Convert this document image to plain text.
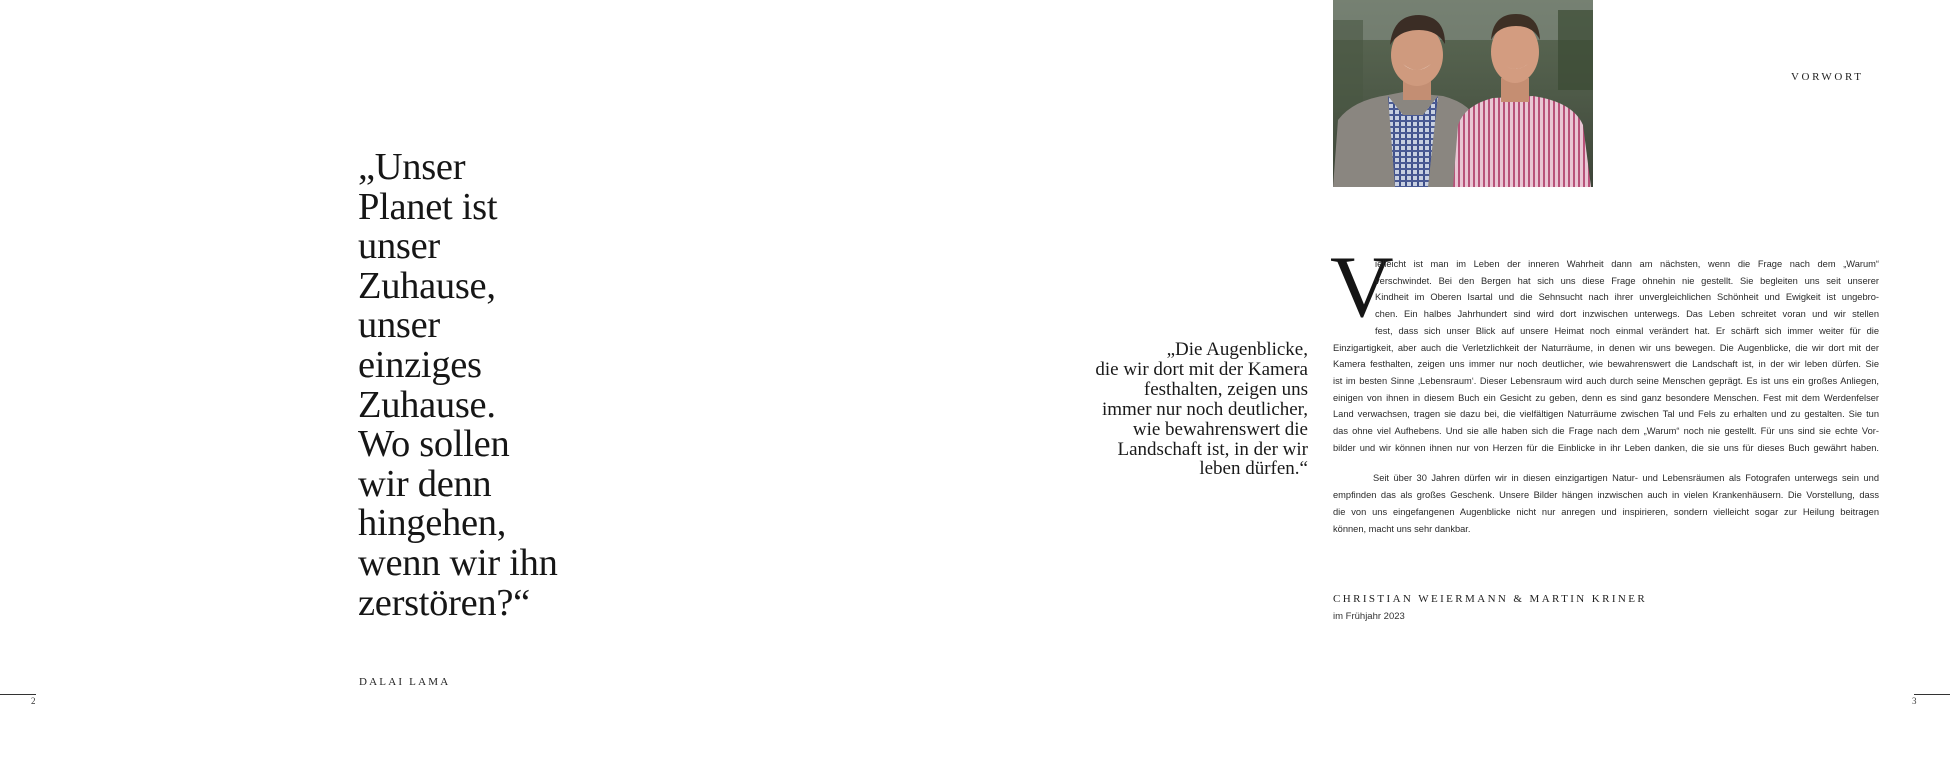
„Unser
Planet ist
unser
Zuhause,
unser
einziges
Zuhause.
Wo sollen
wir denn
hingehen,
wenn wir ihn
zerstören?“
DALAI LAMA
2
„Die Augenblicke,
die wir dort mit der Kamera
festhalten, zeigen uns
immer nur noch deutlicher,
wie bewahrenswert die
Landschaft ist, in der wir
leben dürfen.“
VORWORT
V
ielleicht ist man im Leben der inneren Wahrheit dann am nächsten, wenn die Frage nach dem „Warum“
verschwindet. Bei den Bergen hat sich uns diese Frage ohnehin nie gestellt. Sie begleiten uns seit unserer
Kindheit im Oberen Isartal und die Sehnsucht nach ihrer unvergleichlichen Schönheit und Ewigkeit ist ungebro-
chen. Ein halbes Jahrhundert sind wird dort inzwischen unterwegs. Das Leben schreitet voran und wir stellen
fest, dass sich unser Blick auf unsere Heimat noch einmal verändert hat. Er schärft sich immer weiter für die
Einzigartigkeit, aber auch die Verletzlichkeit der Naturräume, in denen wir uns bewegen. Die Augenblicke, die wir dort mit der
Kamera festhalten, zeigen uns immer nur noch deutlicher, wie bewahrenswert die Landschaft ist, in der wir leben dürfen. Sie
ist im besten Sinne ‚Lebensraum‘. Dieser Lebensraum wird auch durch seine Menschen geprägt. Es ist uns ein großes Anliegen,
einigen von ihnen in diesem Buch ein Gesicht zu geben, denn es sind ganz besondere Menschen. Fest mit dem Werdenfelser
Land verwachsen, tragen sie dazu bei, die vielfältigen Naturräume zwischen Tal und Fels zu erhalten und zu gestalten. Sie tun
das ohne viel Aufhebens. Und sie alle haben sich die Frage nach dem „Warum“ noch nie gestellt. Für uns sind sie echte Vor-
bilder und wir können ihnen nur von Herzen für die Einblicke in ihr Leben danken, die sie uns für dieses Buch gewährt haben.
Seit über 30 Jahren dürfen wir in diesen einzigartigen Natur- und Lebensräumen als Fotografen unterwegs sein und
empfinden das als großes Geschenk. Unsere Bilder hängen inzwischen auch in vielen Krankenhäusern. Die Vorstellung, dass
die von uns eingefangenen Augenblicke nicht nur anregen und inspirieren, sondern vielleicht sogar zur Heilung beitragen
können, macht uns sehr dankbar.
CHRISTIAN WEIERMANN & MARTIN KRINER
im Frühjahr 2023
3
